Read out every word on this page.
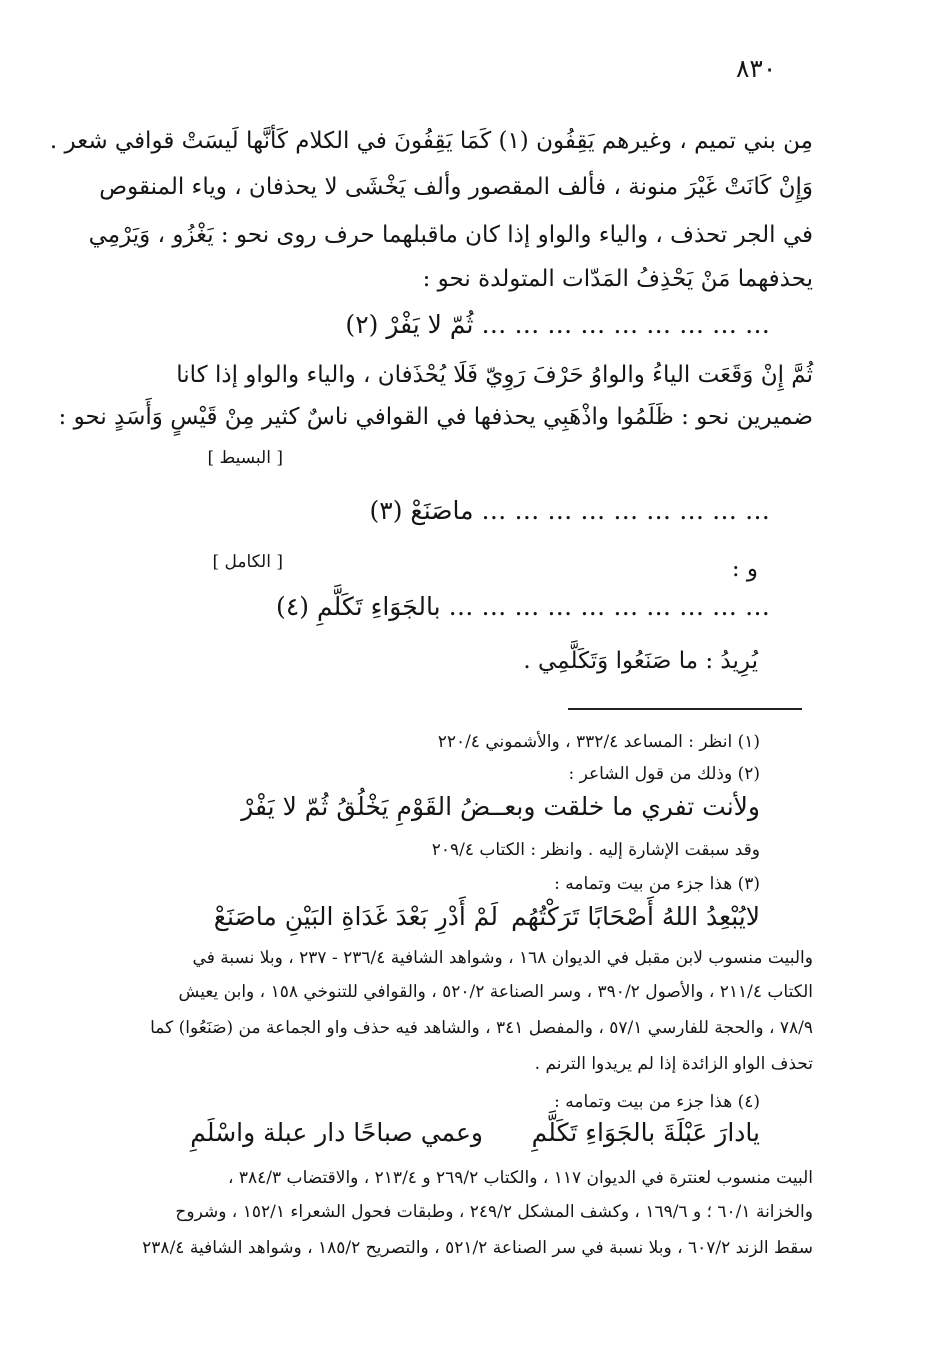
٨٣٠
مِن بني تميم ، وغيرهم يَقِفُون (١) كَمَا يَقِفُونَ في الكلام كَأنَّها لَيسَتْ قوافي شعر .
وَإِنْ كَانَتْ غَيْرَ منونة ، فألف المقصور وألف يَخْشَى لا يحذفان ، وياء المنقوص
في الجر تحذف ، والياء والواو إذا كان ماقبلهما حرف روى نحو : يَغْزُو ، وَيَرْمِي
يحذفهما مَنْ يَحْذِفُ المَدّات المتولدة نحو :
… … … … … … … … … ثُمّ لا يَفْرْ (٢)
ثُمَّ إِنْ وَقَعَت الياءُ والواوُ حَرْفَ رَوِيّ فَلَا يُحْذَفان ، والياء والواو إذا كانا
ضميرين نحو : ظَلَمُوا واذْهَبِي يحذفها في القوافي ناسٌ كثير مِنْ قَيْسٍ وَأَسَدٍ نحو :
[ البسيط ]
… … … … … … … … … ماصَنَعْ (٣)
[ الكامل ]	و :
… … … … … … … … … … بالجَوَاءِ تَكَلَّمِ (٤)
يُرِيدُ : ما صَنَعُوا وَتَكَلَّمِي .
(١) انظر : المساعد ٣٣٢/٤ ، والأشموني ٢٢٠/٤
(٢) وذلك من قول الشاعر :
ولأنت تفري ما خلقت وبعـ
ـضُ القَوْمِ يَخْلُقُ ثُمّ لا يَفْرْ
وقد سبقت الإشارة إليه . وانظر : الكتاب ٢٠٩/٤
(٣) هذا جزء من بيت وتمامه :
لايُبْعِدُ اللهُ أَصْحَابًا تَرَكْتُهُم
لَمْ أَدْرِ بَعْدَ غَدَاةِ البَيْنِ ماصَنَعْ
والبيت منسوب لابن مقبل في الديوان ١٦٨ ، وشواهد الشافية ٢٣٦/٤ - ٢٣٧ ، وبلا نسبة في
الكتاب ٢١١/٤ ، والأصول ٣٩٠/٢ ، وسر الصناعة ٥٢٠/٢ ، والقوافي للتنوخي ١٥٨ ، وابن يعيش
٧٨/٩ ، والحجة للفارسي ٥٧/١ ، والمفصل ٣٤١ ، والشاهد فيه حذف واو الجماعة من (صَنَعُوا) كما
تحذف الواو الزائدة إذا لم يريدوا الترنم .
(٤) هذا جزء من بيت وتمامه :
يادارَ عَبْلَةَ بالجَوَاءِ تَكَلَّمِ
وعمي صباحًا دار عبلة واسْلَمِ
البيت منسوب لعنترة في الديوان ١١٧ ، والكتاب ٢٦٩/٢ و ٢١٣/٤ ، والاقتضاب ٣٨٤/٣ ،
والخزانة ٦٠/١ ؛ و ١٦٩/٦ ، وكشف المشكل ٢٤٩/٢ ، وطبقات فحول الشعراء ١٥٢/١ ، وشروح
سقط الزند ٦٠٧/٢ ، وبلا نسبة في سر الصناعة ٥٢١/٢ ، والتصريح ١٨٥/٢ ، وشواهد الشافية ٢٣٨/٤
